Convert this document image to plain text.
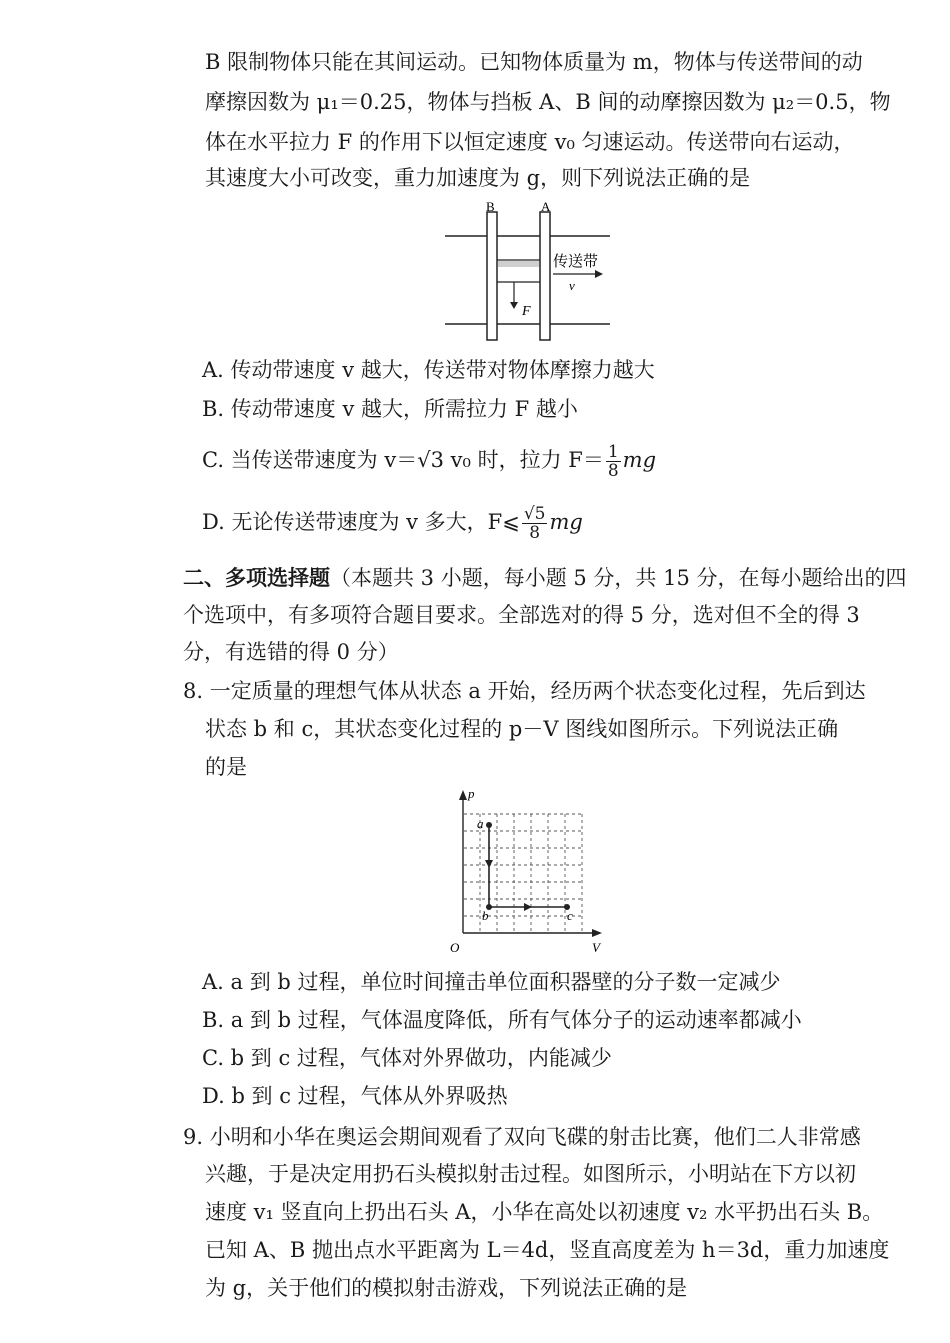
B 限制物体只能在其间运动。已知物体质量为 m，物体与传送带间的动
摩擦因数为 μ₁＝0.25，物体与挡板 A、B 间的动摩擦因数为 μ₂＝0.5，物
体在水平拉力 F 的作用下以恒定速度 v₀ 匀速运动。传送带向右运动，
其速度大小可改变，重力加速度为 g，则下列说法正确的是
F
B	A
传送带
v
A. 传动带速度 v 越大，传送带对物体摩擦力越大
B. 传动带速度 v 越大，所需拉力 F 越小
C. 当传送带速度为 v＝√3 v₀ 时，拉力 $F= \frac{1}{8}$ mg
D. 无论传送带速度为 v 多大，F⩽ $\frac{√5}{8}$ mg
二、多项选择题（本题共 3 小题，每小题 5 分，共 15 分，在每小题给出的四
个选项中，有多项符合题目要求。全部选对的得 5 分，选对但不全的得 3
分，有选错的得 0 分）
8. 一定质量的理想气体从状态 a 开始，经历两个状态变化过程，先后到达
状态 b 和 c，其状态变化过程的 p－V 图线如图所示。下列说法正确
的是
p
V
O
a
b	c
A. a 到 b 过程，单位时间撞击单位面积器壁的分子数一定减少
B. a 到 b 过程，气体温度降低，所有气体分子的运动速率都减小
C. b 到 c 过程，气体对外界做功，内能减少
D. b 到 c 过程，气体从外界吸热
9. 小明和小华在奥运会期间观看了双向飞碟的射击比赛，他们二人非常感
兴趣，于是决定用扔石头模拟射击过程。如图所示，小明站在下方以初
速度 v₁ 竖直向上扔出石头 A，小华在高处以初速度 v₂ 水平扔出石头 B。
已知 A、B 抛出点水平距离为 L＝4d，竖直高度差为 h＝3d，重力加速度
为 g，关于他们的模拟射击游戏，下列说法正确的是
